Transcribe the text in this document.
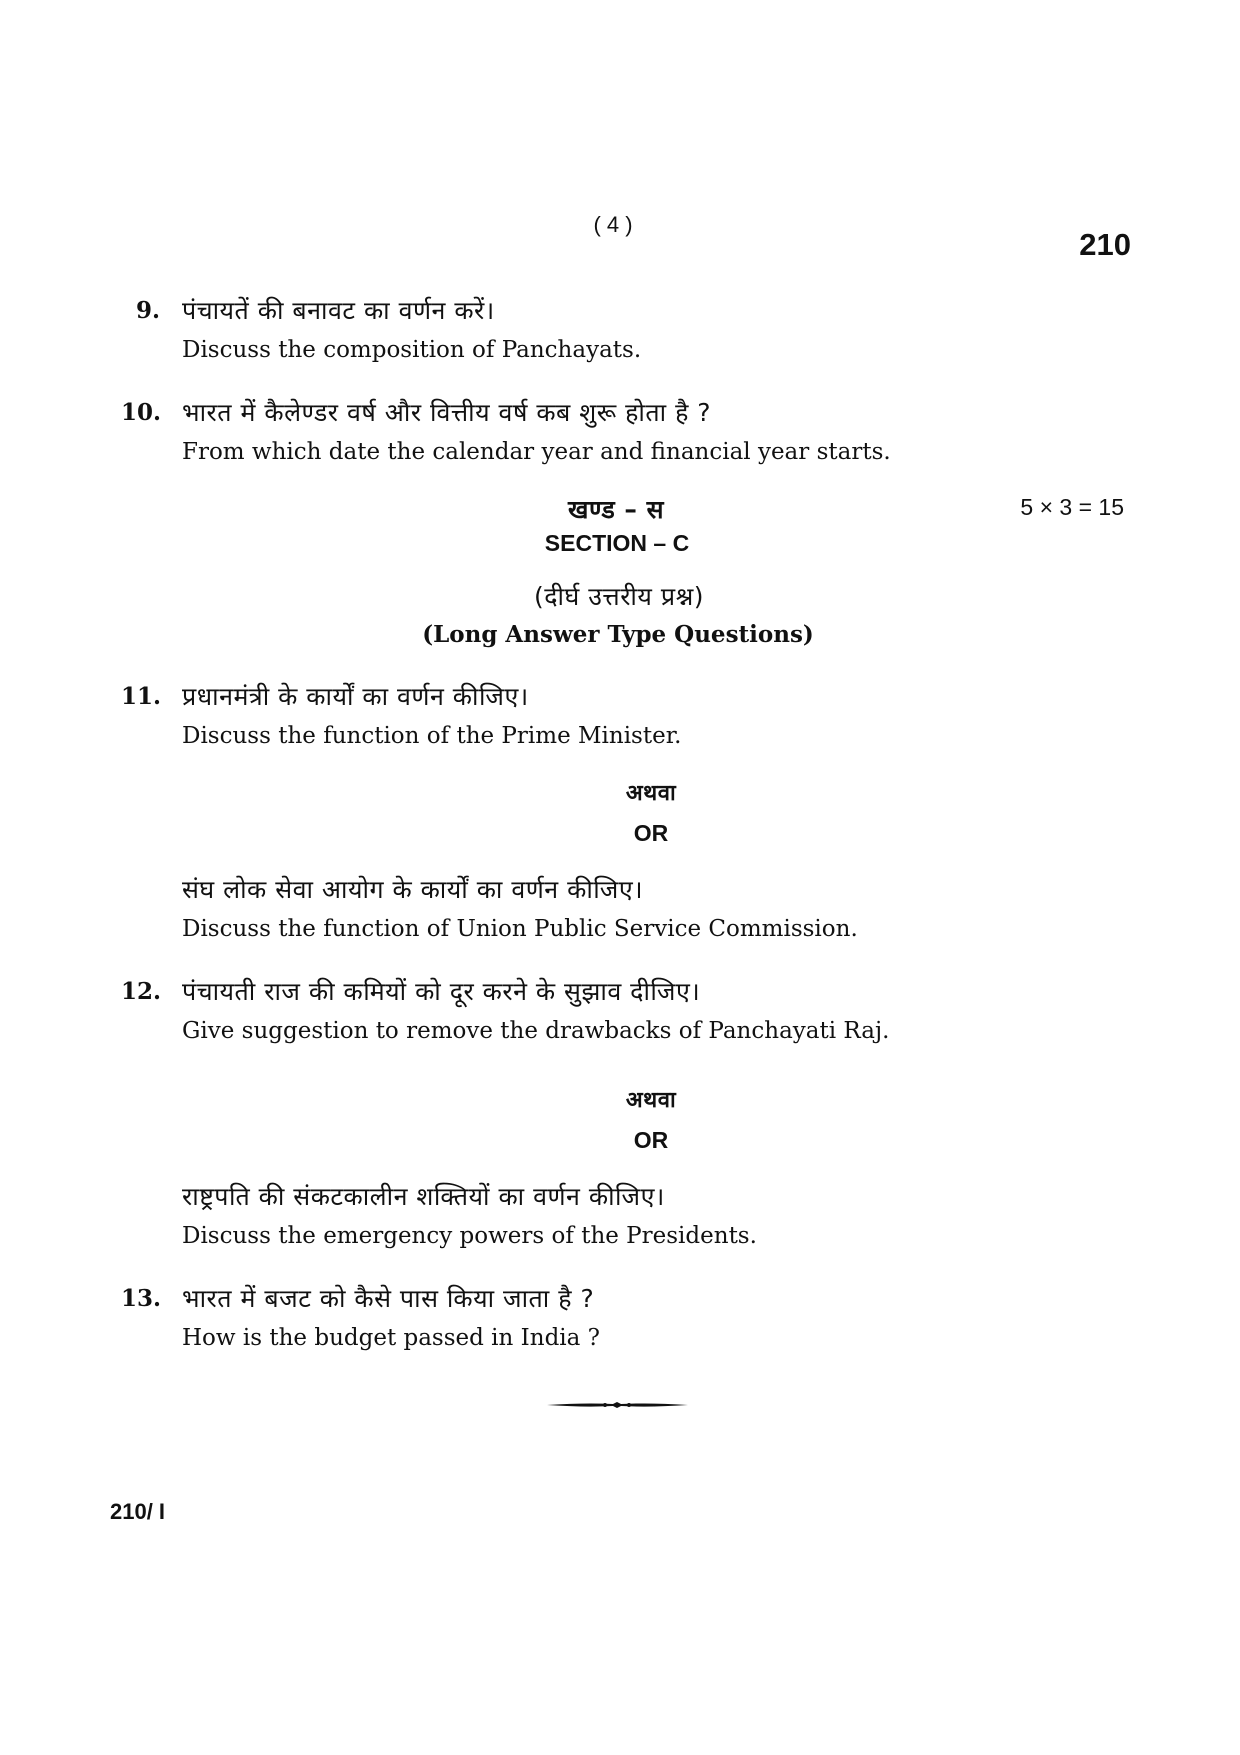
( 4 )
210
9. पंचायतें की बनावट का वर्णन करें।
Discuss the composition of Panchayats.
10. भारत में कैलेण्डर वर्ष और वित्तीय वर्ष कब शुरू होता है ?
From which date the calendar year and financial year starts.
खण्ड – स	5 × 3 = 15
SECTION – C
(दीर्घ उत्तरीय प्रश्न)
(Long Answer Type Questions)
11. प्रधानमंत्री के कार्यों का वर्णन कीजिए।
Discuss the function of the Prime Minister.
अथवा
OR
संघ लोक सेवा आयोग के कार्यों का वर्णन कीजिए।
Discuss the function of Union Public Service Commission.
12. पंचायती राज की कमियों को दूर करने के सुझाव दीजिए।
Give suggestion to remove the drawbacks of Panchayati Raj.
अथवा
OR
राष्ट्रपति की संकटकालीन शक्तियों का वर्णन कीजिए।
Discuss the emergency powers of the Presidents.
13. भारत में बजट को कैसे पास किया जाता है ?
How is the budget passed in India ?
210/ I
